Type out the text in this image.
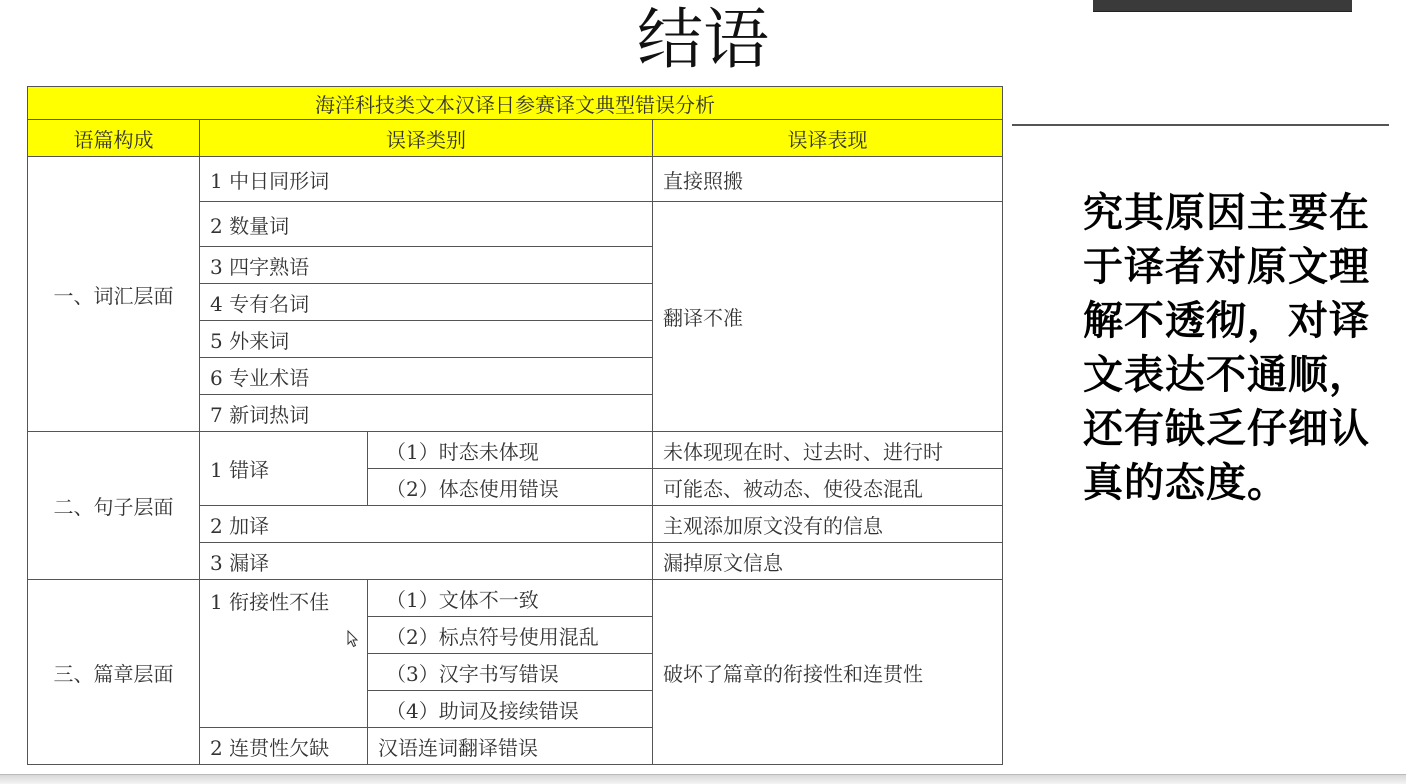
结语
海洋科技类文本汉译日参赛译文典型错误分析			
语篇构成	误译类别		误译表现
一、词汇层面	1 中日同形词		直接照搬
	2 数量词		翻译不准
	3 四字熟语		
	4 专有名词		
	5 外来词		
	6 专业术语		
	7 新词热词		
二、句子层面	1 错译	（1）时态未体现	未体现现在时、过去时、进行时
		（2）体态使用错误	可能态、被动态、使役态混乱
	2 加译		主观添加原文没有的信息
	3 漏译		漏掉原文信息
三、篇章层面	1 衔接性不佳	（1）文体不一致	破坏了篇章的衔接性和连贯性
		（2）标点符号使用混乱	
		（3）汉字书写错误	
		（4）助词及接续错误	
	2 连贯性欠缺	汉语连词翻译错误	
究其原因主要在于译者对原文理解不透彻，对译文表达不通顺，还有缺乏仔细认真的态度。
